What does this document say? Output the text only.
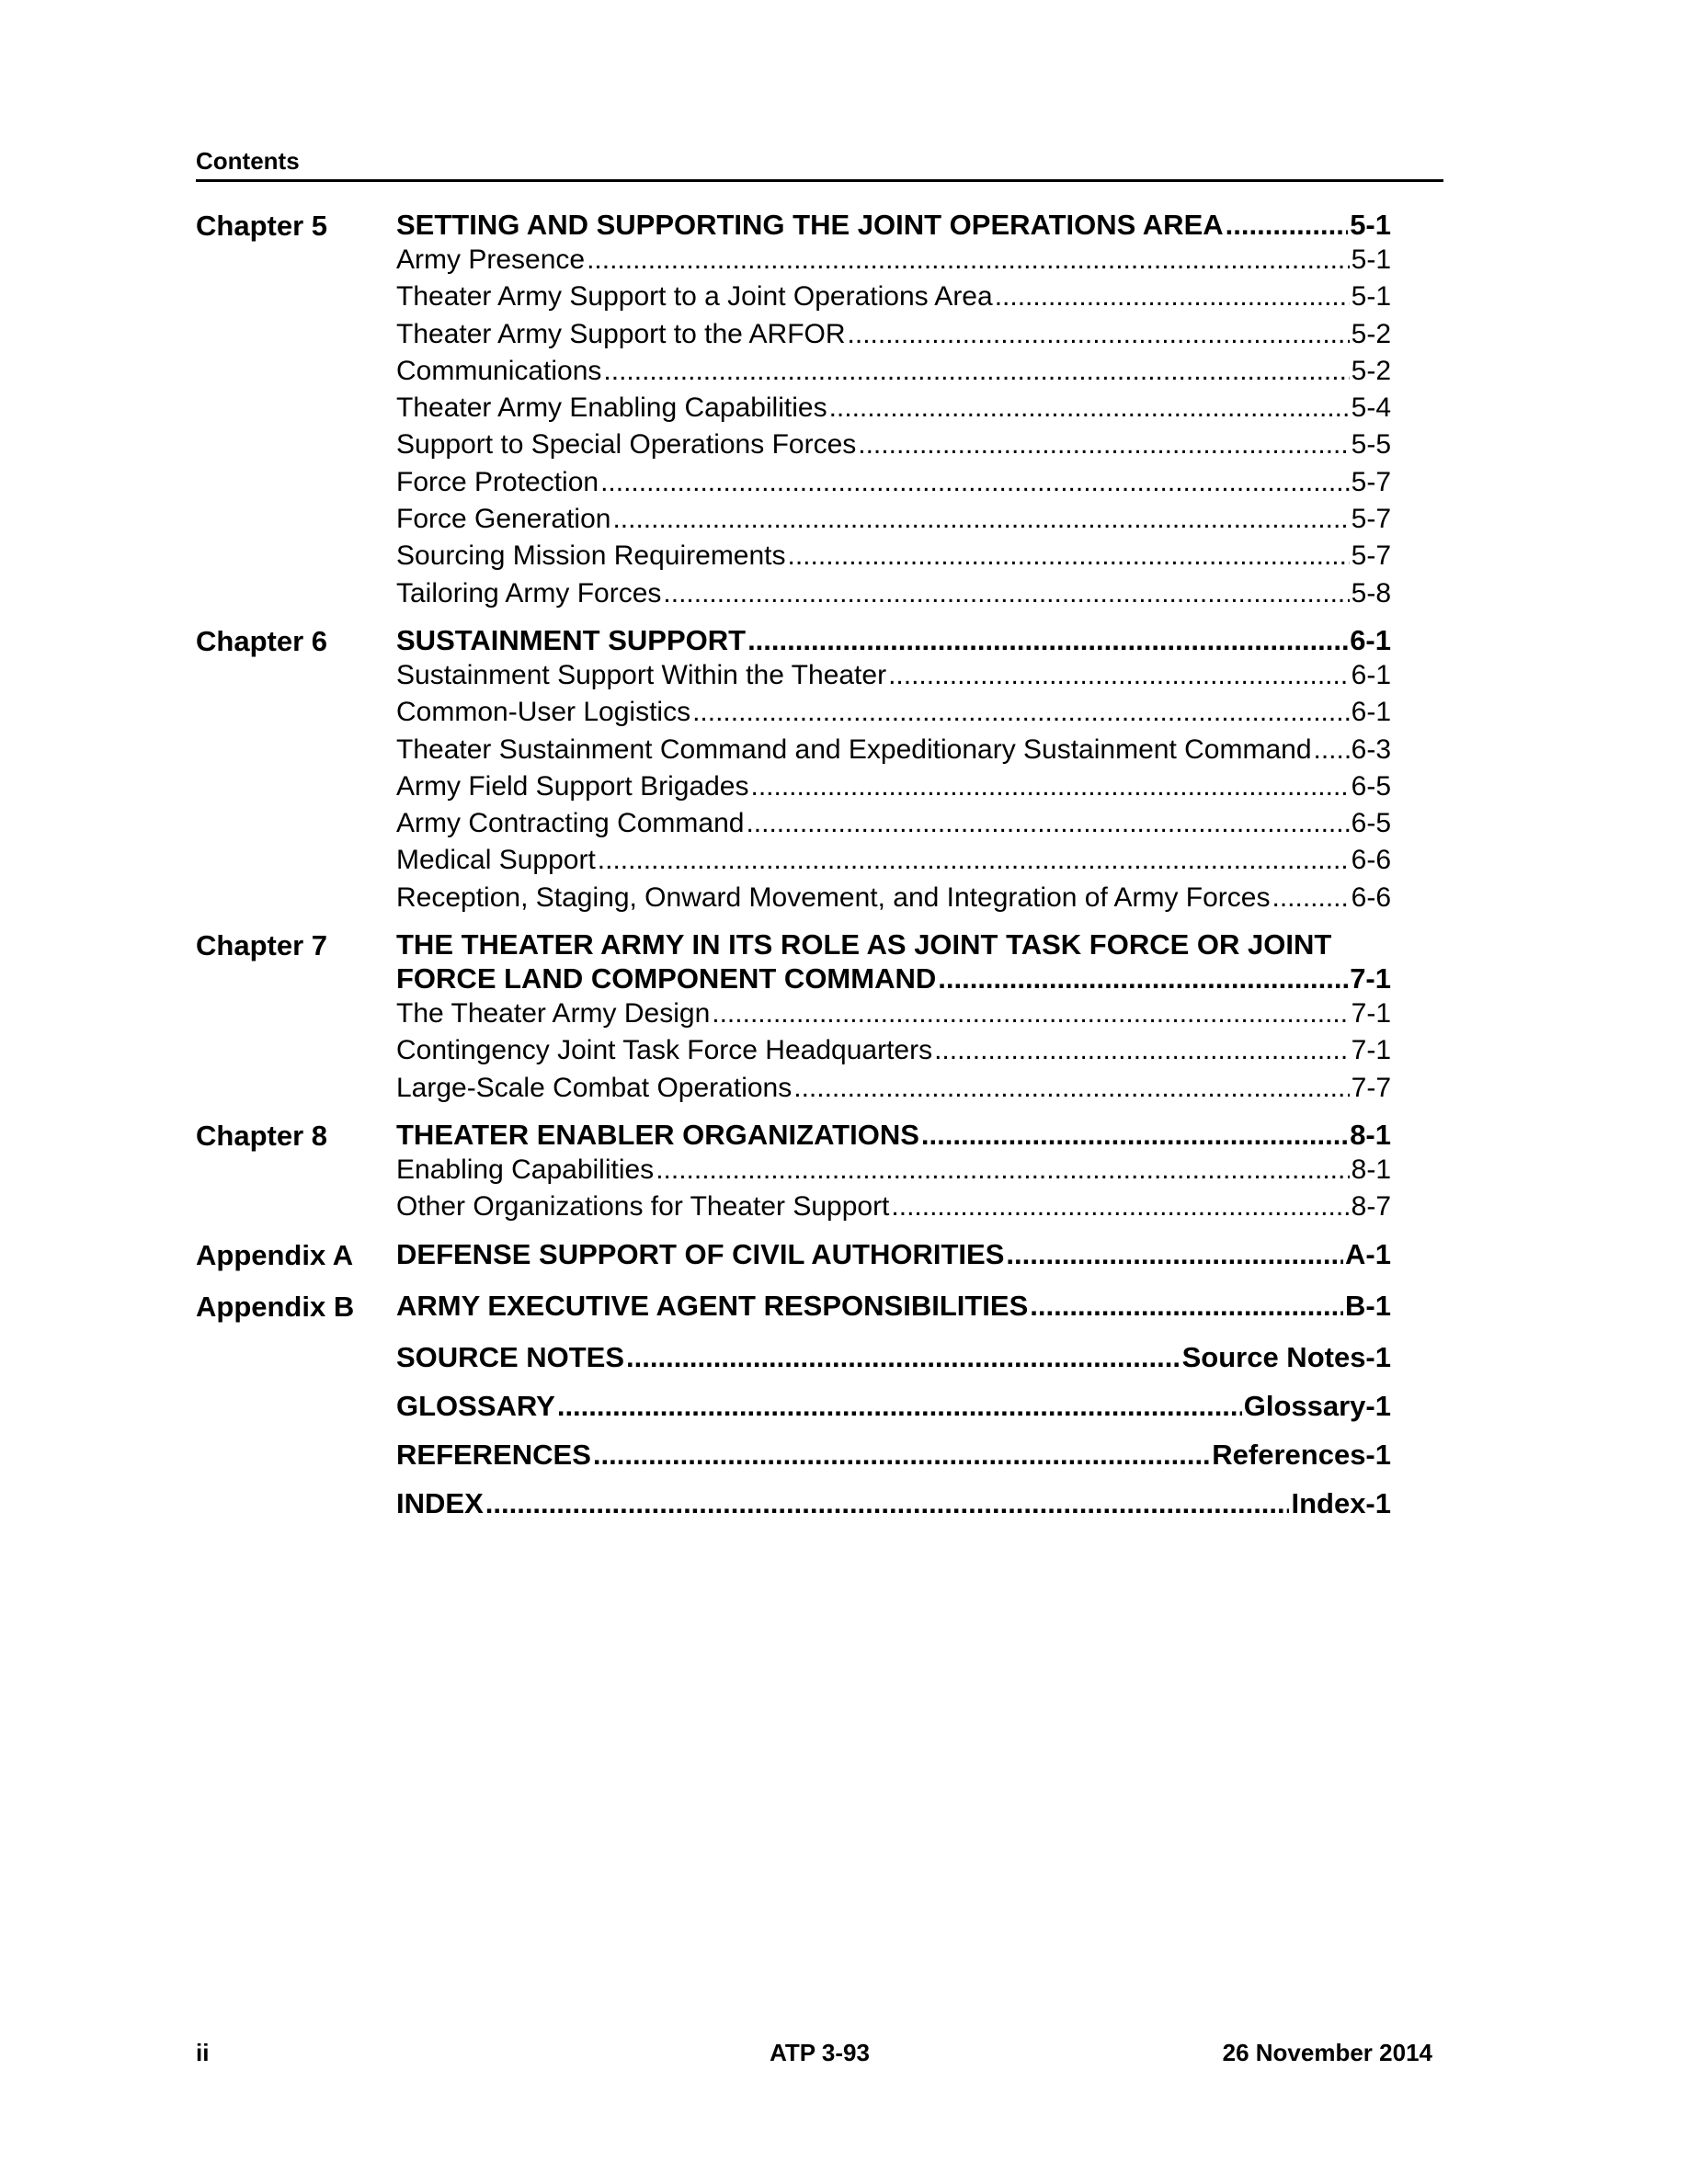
Contents
Chapter 5	SETTING AND SUPPORTING THE JOINT OPERATIONS AREA .....	5-1
Army Presence .....	5-1
Theater Army Support to a Joint Operations Area .....	5-1
Theater Army Support to the ARFOR .....	5-2
Communications .....	5-2
Theater Army Enabling Capabilities .....	5-4
Support to Special Operations Forces .....	5-5
Force Protection .....	5-7
Force Generation .....	5-7
Sourcing Mission Requirements .....	5-7
Tailoring Army Forces .....	5-8
Chapter 6	SUSTAINMENT SUPPORT .....	6-1
Sustainment Support Within the Theater .....	6-1
Common-User Logistics .....	6-1
Theater Sustainment Command and Expeditionary Sustainment Command ..... 6-3
Army Field Support Brigades .....	6-5
Army Contracting Command .....	6-5
Medical Support .....	6-6
Reception, Staging, Onward Movement, and Integration of Army Forces .....	6-6
Chapter 7	THE THEATER ARMY IN ITS ROLE AS JOINT TASK FORCE OR JOINT
FORCE LAND COMPONENT COMMAND .....	7-1
The Theater Army Design .....	7-1
Contingency Joint Task Force Headquarters .....	7-1
Large-Scale Combat Operations .....	7-7
Chapter 8	THEATER ENABLER ORGANIZATIONS .....	8-1
Enabling Capabilities .....	8-1
Other Organizations for Theater Support .....	8-7
Appendix A	DEFENSE SUPPORT OF CIVIL AUTHORITIES .....	A-1
Appendix B	ARMY EXECUTIVE AGENT RESPONSIBILITIES .....	B-1
SOURCE NOTES .....	Source Notes-1
GLOSSARY .....	Glossary-1
REFERENCES .....	References-1
INDEX .....	Index-1
ii	ATP 3-93	26 November 2014
